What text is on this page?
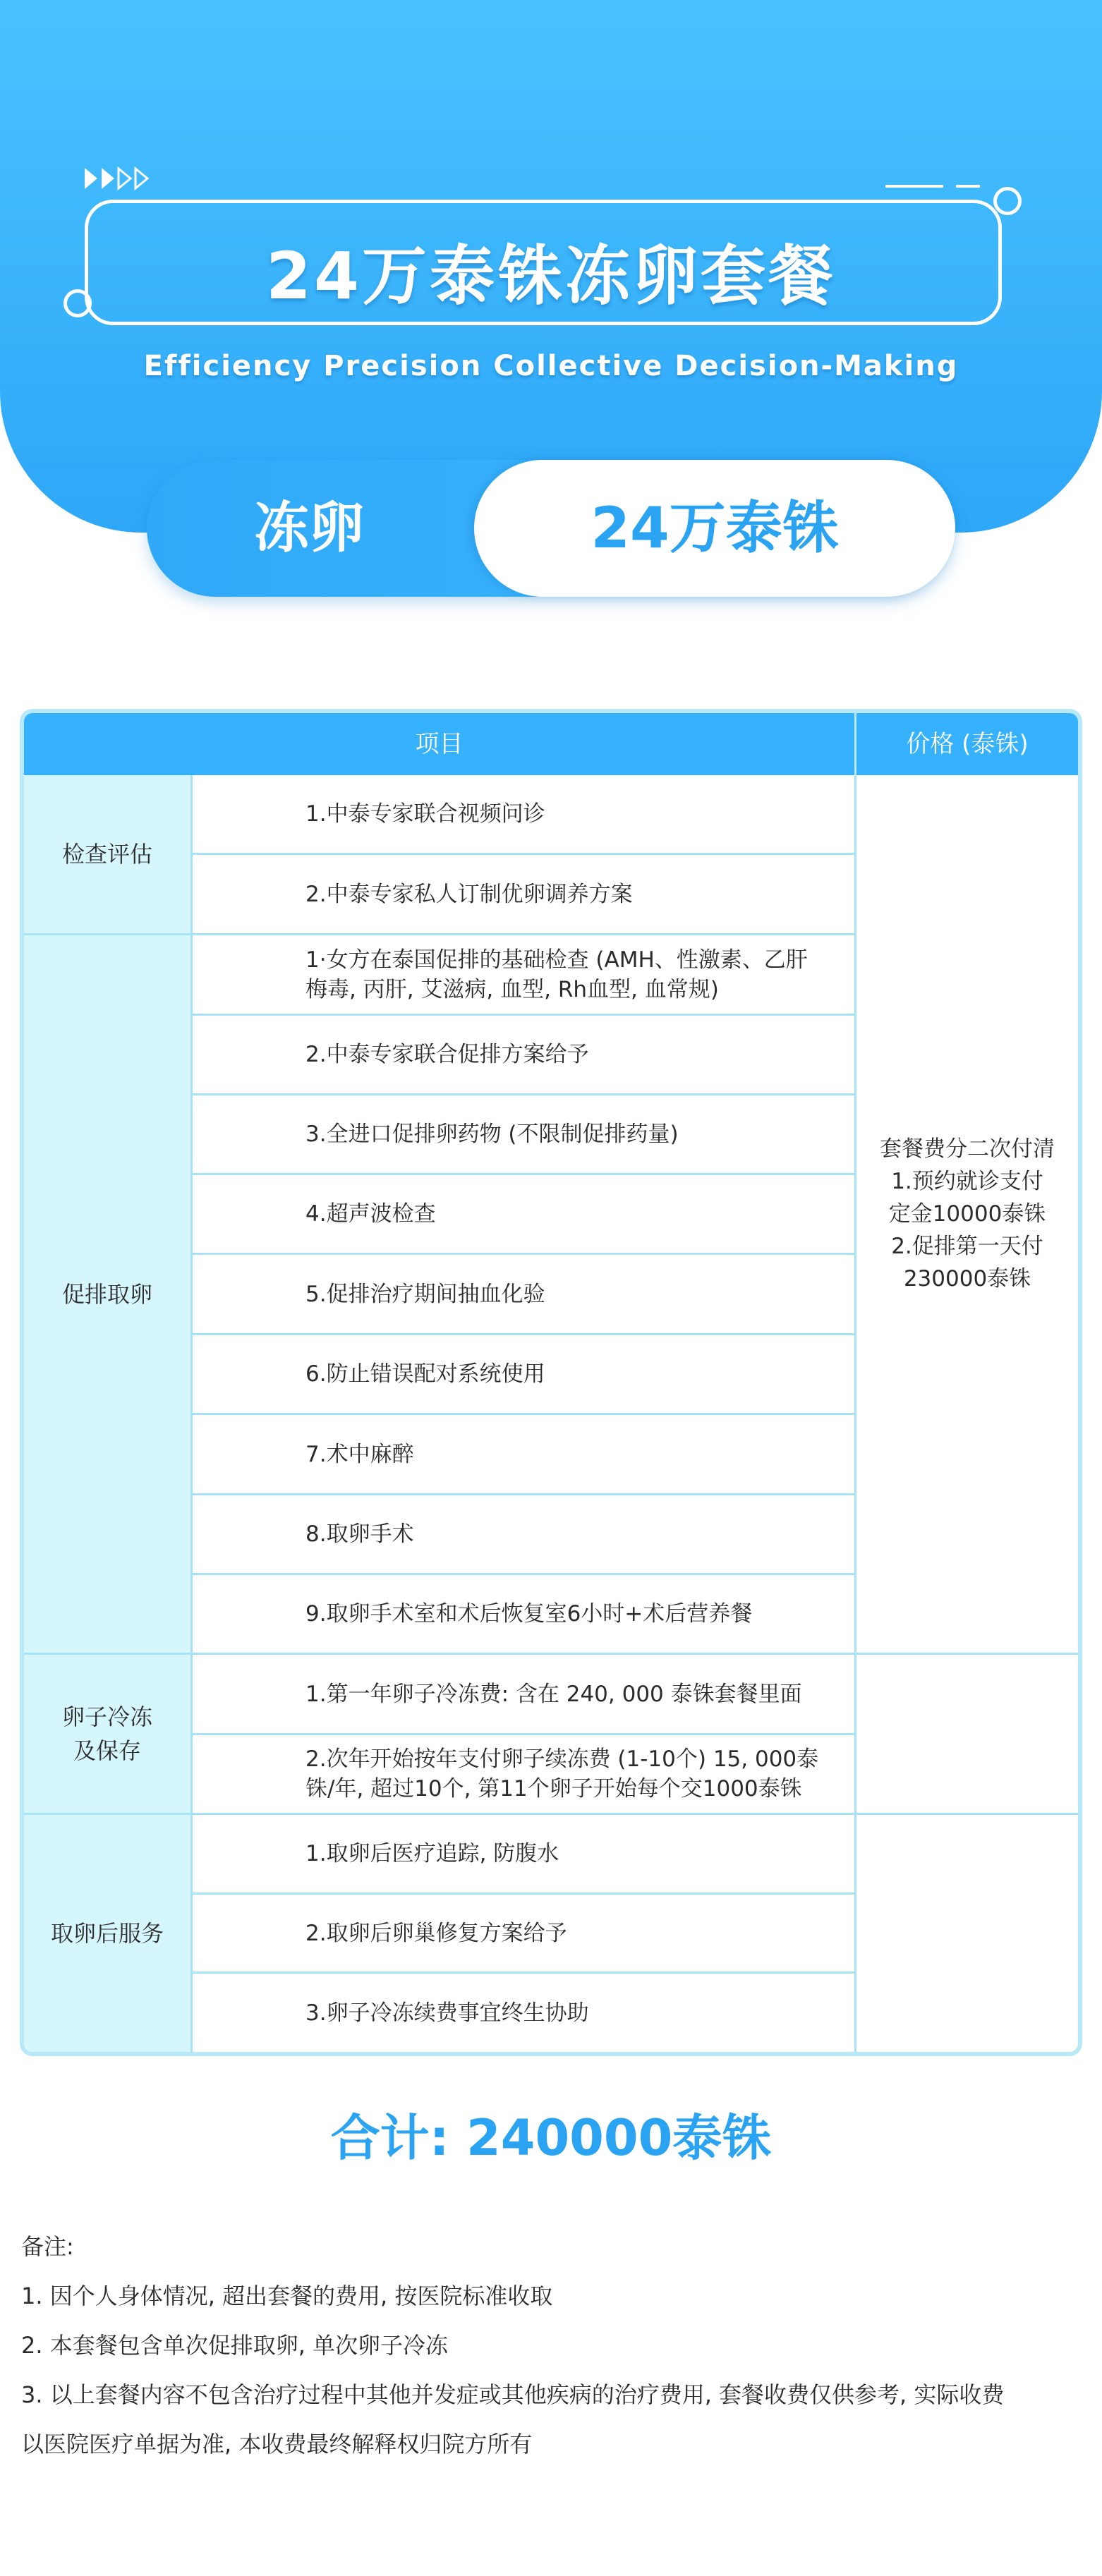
24万泰铢冻卵套餐
Efficiency Precision Collective Decision-Making
冻卵	24万泰铢
项目	价格 (泰铢)
检查评估
促排取卵
卵子冷冻
及保存
取卵后服务
1.中泰专家联合视频问诊
2.中泰专家私人订制优卵调养方案
1·女方在泰国促排的基础检查 (AMH、性激素、乙肝梅毒, 丙肝, 艾滋病, 血型, Rh血型, 血常规)
2.中泰专家联合促排方案给予
3.全进口促排卵药物 (不限制促排药量)
4.超声波检查
5.促排治疗期间抽血化验
6.防止错误配对系统使用
7.术中麻醉
8.取卵手术
9.取卵手术室和术后恢复室6小时+术后营养餐
1.第一年卵子冷冻费: 含在 240, 000 泰铢套餐里面
2.次年开始按年支付卵子续冻费 (1-10个) 15, 000泰铢/年, 超过10个, 第11个卵子开始每个交1000泰铢
1.取卵后医疗追踪, 防腹水
2.取卵后卵巢修复方案给予
3.卵子冷冻续费事宜终生协助
套餐费分二次付清
1.预约就诊支付
定金10000泰铢
2.促排第一天付
230000泰铢
合计: 240000泰铢
备注:
1. 因个人身体情况, 超出套餐的费用, 按医院标准收取
2. 本套餐包含单次促排取卵, 单次卵子冷冻
3. 以上套餐内容不包含治疗过程中其他并发症或其他疾病的治疗费用, 套餐收费仅供参考, 实际收费
以医院医疗单据为准, 本收费最终解释权归院方所有
